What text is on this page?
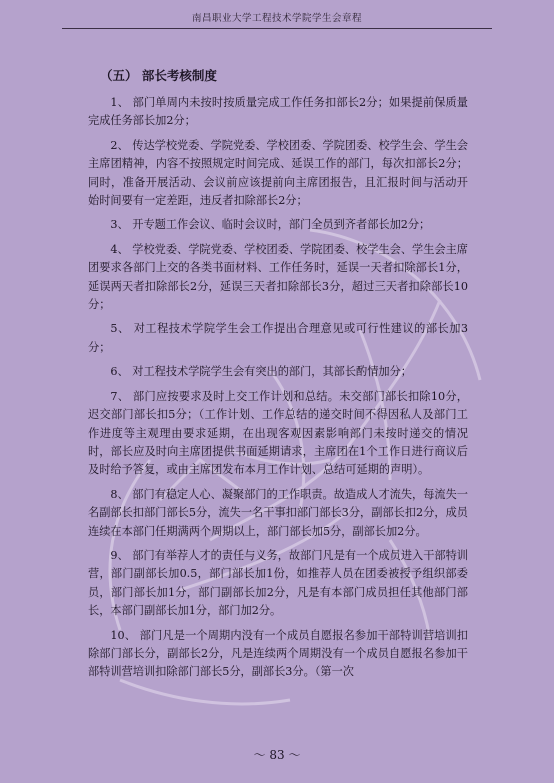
南昌职业大学工程技术学院学生会章程

（五） 部长考核制度

1、 部门单周内未按时按质量完成工作任务扣部长2分；如果提前保质量完成任务部长加2分；

2、 传达学校党委、学院党委、学校团委、学院团委、校学生会、学生会主席团精神，内容不按照规定时间完成、延误工作的部门，每次扣部长2分；同时，准备开展活动、会议前应该提前向主席团报告，且汇报时间与活动开始时间要有一定差距，违反者扣除部长2分；

3、 开专题工作会议、临时会议时，部门全员到齐者部长加2分；

4、 学校党委、学院党委、学校团委、学院团委、校学生会、学生会主席团要求各部门上交的各类书面材料、工作任务时，延误一天者扣除部长1分，延误两天者扣除部长2分，延误三天者扣除部长3分，超过三天者扣除部长10分；

5、 对工程技术学院学生会工作提出合理意见或可行性建议的部长加3分；

6、 对工程技术学院学生会有突出的部门，其部长酌情加分；

7、 部门应按要求及时上交工作计划和总结。未交部门部长扣除10分，迟交部门部长扣5分；（工作计划、工作总结的递交时间不得因私人及部门工作进度等主观理由要求延期，在出现客观因素影响部门未按时递交的情况时，部长应及时向主席团提供书面延期请求，主席团在1个工作日进行商议后及时给予答复，或由主席团发布本月工作计划、总结可延期的声明）。

8、 部门有稳定人心、凝聚部门的工作职责。故造成人才流失，每流失一名副部长扣部门部长5分，流失一名干事扣部门部长3分，副部长扣2分，成员连续在本部门任期满两个周期以上，部门部长加5分，副部长加2分。

9、 部门有举荐人才的责任与义务，故部门凡是有一个成员进入干部特训营，部门副部长加0.5，部门部长加1份，如推荐人员在团委被授予组织部委员，部门部长加1分，部门副部长加2分，凡是有本部门成员担任其他部门部长，本部门副部长加1分，部门加2分。

10、 部门凡是一个周期内没有一个成员自愿报名参加干部特训营培训扣除部门部长分，副部长2分，凡是连续两个周期没有一个成员自愿报名参加干部特训营培训扣除部门部长5分，副部长3分。（第一次

～ 83 ～
